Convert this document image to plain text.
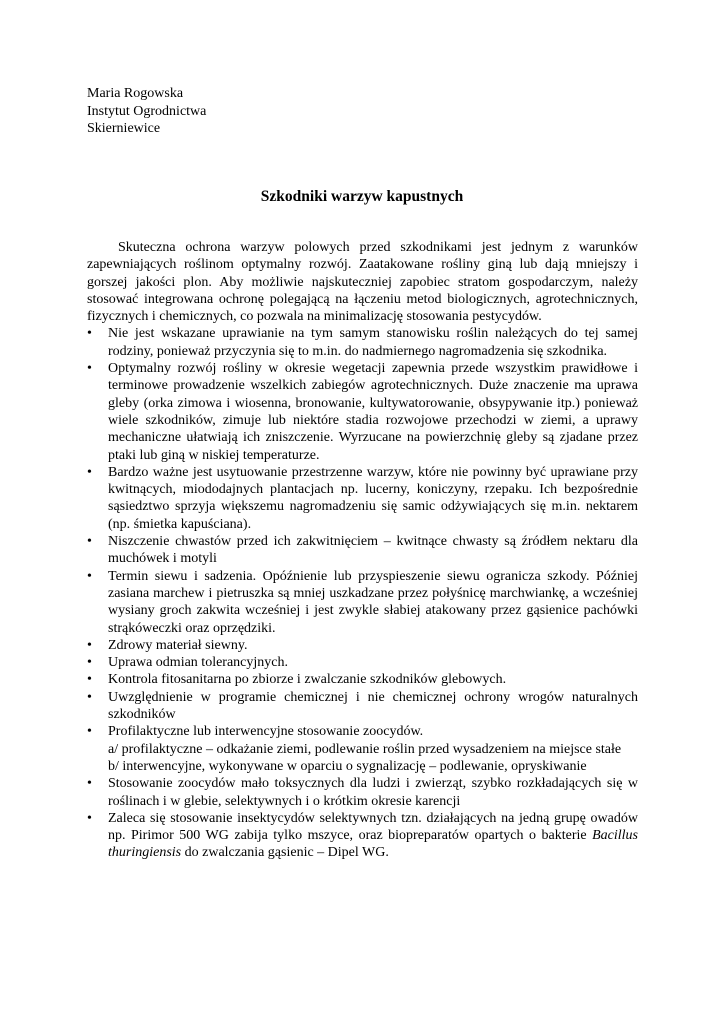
Maria Rogowska
Instytut Ogrodnictwa
Skierniewice
Szkodniki warzyw kapustnych

Skuteczna ochrona warzyw polowych przed szkodnikami jest jednym z warunków zapewniających roślinom optymalny rozwój. Zaatakowane rośliny giną lub dają mniejszy i gorszej jakości plon. Aby możliwie najskuteczniej zapobiec stratom gospodarczym, należy stosować integrowana ochronę polegającą na łączeniu metod biologicznych, agrotechnicznych, fizycznych i chemicznych, co pozwala na minimalizację stosowania pestycydów.

•	Nie jest wskazane uprawianie na tym samym stanowisku roślin należących do tej samej rodziny, ponieważ przyczynia się to m.in. do nadmiernego nagromadzenia się szkodnika.
•	Optymalny rozwój rośliny w okresie wegetacji zapewnia przede wszystkim prawidłowe i terminowe prowadzenie wszelkich zabiegów agrotechnicznych. Duże znaczenie ma uprawa gleby (orka zimowa i wiosenna, bronowanie, kultywatorowanie, obsypywanie itp.) ponieważ wiele szkodników, zimuje lub niektóre stadia rozwojowe przechodzi w ziemi, a uprawy mechaniczne ułatwiają ich zniszczenie. Wyrzucane na powierzchnię gleby są zjadane przez ptaki lub giną w niskiej temperaturze.
•	Bardzo ważne jest usytuowanie przestrzenne warzyw, które nie powinny być uprawiane przy kwitnących, miododajnych plantacjach np. lucerny, koniczyny, rzepaku. Ich bezpośrednie sąsiedztwo sprzyja większemu nagromadzeniu się samic odżywiających się m.in. nektarem (np. śmietka kapuściana).
•	Niszczenie chwastów przed ich zakwitnięciem – kwitnące chwasty są źródłem nektaru dla muchówek i motyli
•	Termin siewu i sadzenia. Opóźnienie lub przyspieszenie siewu ogranicza szkody. Później zasiana marchew i pietruszka są mniej uszkadzane przez połyśnicę marchwiankę, a wcześniej wysiany groch zakwita wcześniej i jest zwykle słabiej atakowany przez gąsienice pachówki strąkóweczki oraz oprzędziki.
•	Zdrowy materiał siewny.
•	Uprawa odmian tolerancyjnych.
•	Kontrola fitosanitarna po zbiorze i zwalczanie szkodników glebowych.
•	Uwzględnienie w programie chemicznej i nie chemicznej ochrony wrogów naturalnych szkodników
•	Profilaktyczne lub interwencyjne stosowanie zoocydów.
a/ profilaktyczne – odkażanie ziemi, podlewanie roślin przed wysadzeniem na miejsce stałe
b/ interwencyjne, wykonywane w oparciu o sygnalizację – podlewanie, opryskiwanie
•	Stosowanie zoocydów mało toksycznych dla ludzi i zwierząt, szybko rozkładających się w roślinach i w glebie, selektywnych i o krótkim okresie karencji
•	Zaleca się stosowanie insektycydów selektywnych tzn. działających na jedną grupę owadów np. Pirimor 500 WG zabija tylko mszyce, oraz biopreparatów opartych o bakterie Bacillus thuringiensis do zwalczania gąsienic – Dipel WG.
